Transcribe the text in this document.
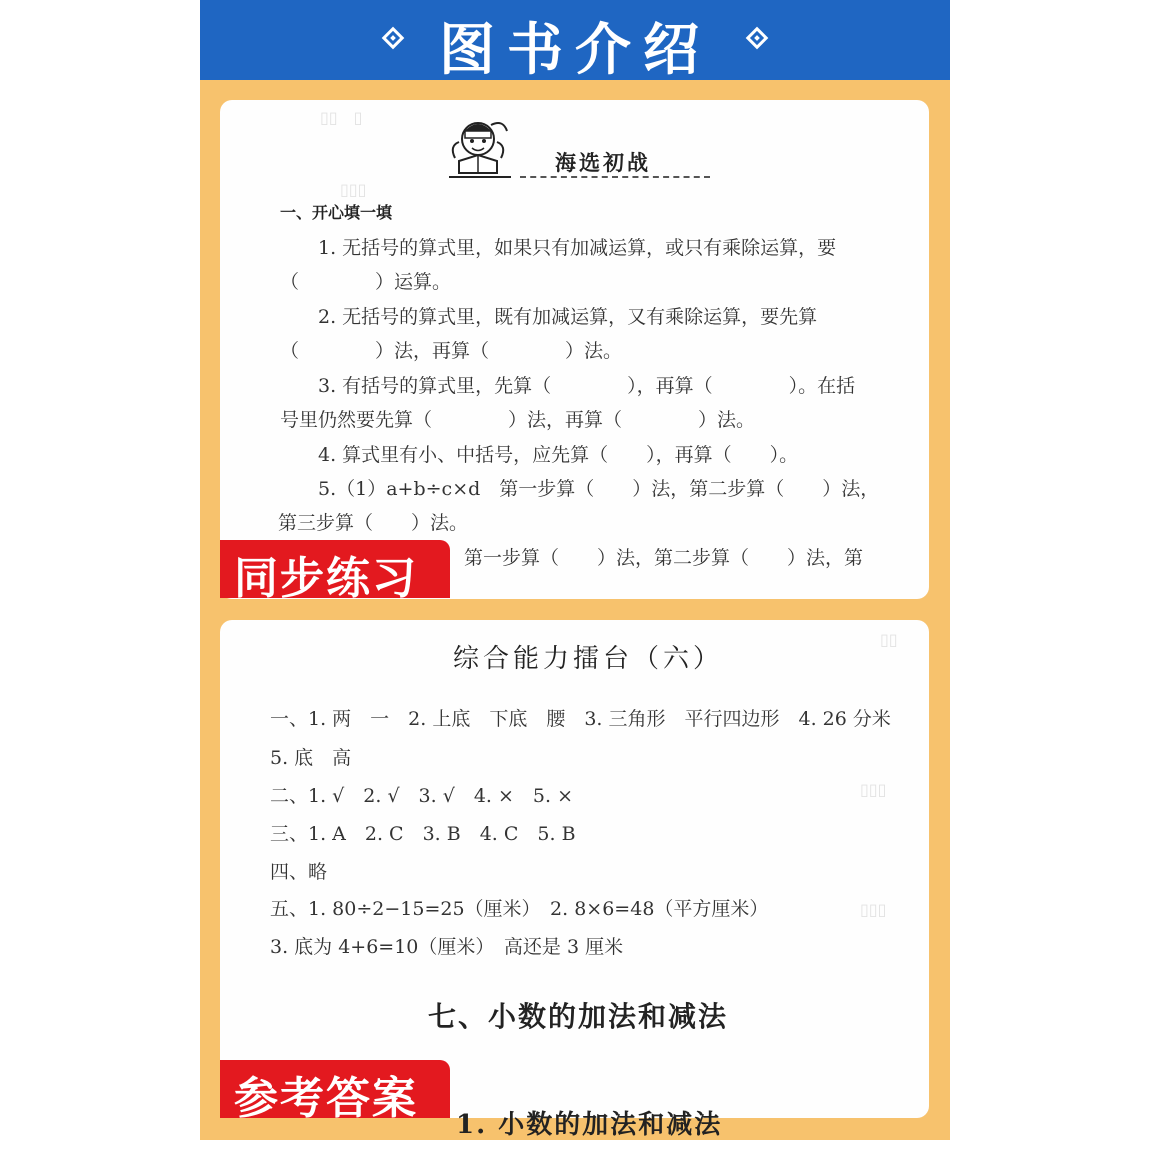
图书介绍
▯▯　▯
▯▯▯
海选初战
一、开心填一填
1. 无括号的算式里，如果只有加减运算，或只有乘除运算，要
（　　　　）运算。
2. 无括号的算式里，既有加减运算，又有乘除运算，要先算
（　　　　）法，再算（　　　　）法。
3. 有括号的算式里，先算（　　　　），再算（　　　　）。在括
号里仍然要先算（　　　　）法，再算（　　　　）法。
4. 算式里有小、中括号，应先算（　　），再算（　　）。
5.（1）a+b÷c×d　第一步算（　　）法，第二步算（　　）法，
第三步算（　　）法。
第一步算（　　）法，第二步算（　　）法，第
同步练习
▯▯
▯▯▯
▯▯▯
综合能力擂台（六）
一、1. 两　一　2. 上底　下底　腰　3. 三角形　平行四边形　4. 26 分米
5. 底　高
二、1. √　2. √　3. √　4. ×　5. ×
三、1. A　2. C　3. B　4. C　5. B
四、略
五、1. 80÷2−15=25（厘米）　2. 8×6=48（平方厘米）
3. 底为 4+6=10（厘米）　高还是 3 厘米
七、小数的加法和减法
1. 小数的加法和减法
参考答案
